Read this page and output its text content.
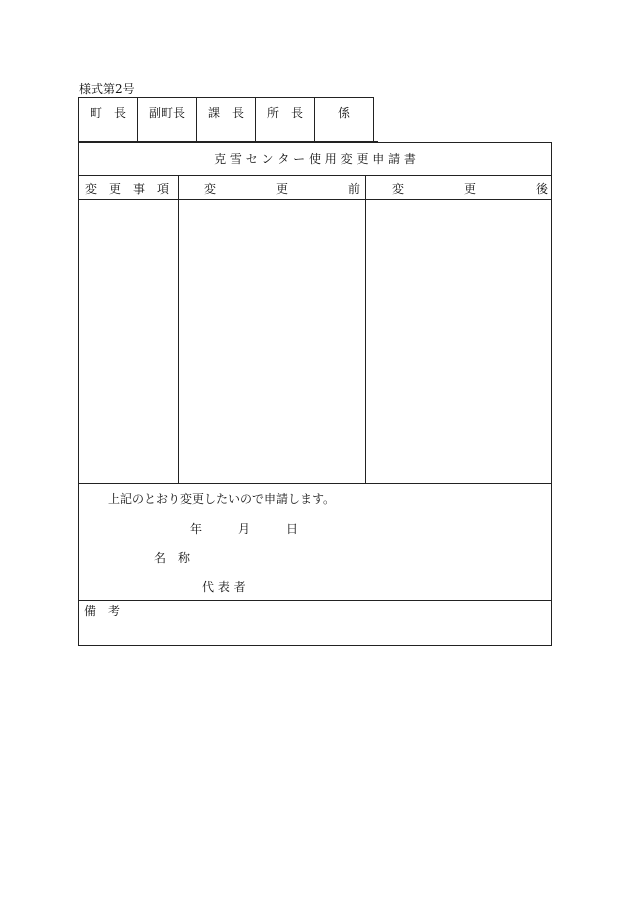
様式第2号
町　長	副町長	課　長	所　長	係
克 雪 セ ン タ ー 使 用 変 更 申 請 書
変　更　事　項	変　　　　　更　　　　　前	変　　　　　更　　　　　後
上記のとおり変更したいので申請します。
年	月	日
名　称
代 表 者
備　考
